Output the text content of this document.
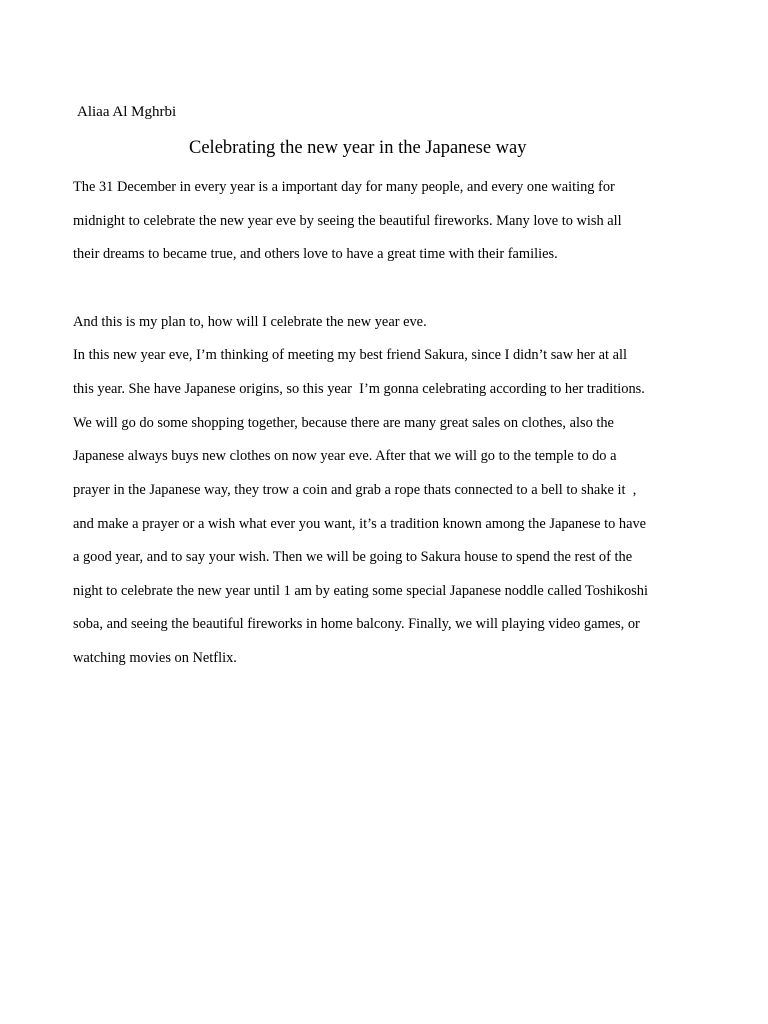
Aliaa Al Mghrbi
Celebrating the new year in the Japanese way
The 31 December in every year is a important day for many people, and every one waiting for
midnight to celebrate the new year eve by seeing the beautiful fireworks. Many love to wish all
their dreams to became true, and others love to have a great time with their families.
And this is my plan to, how will I celebrate the new year eve.
In this new year eve, I’m thinking of meeting my best friend Sakura, since I didn’t saw her at all
this year. She have Japanese origins, so this year  I’m gonna celebrating according to her traditions.
We will go do some shopping together, because there are many great sales on clothes, also the
Japanese always buys new clothes on now year eve. After that we will go to the temple to do a
prayer in the Japanese way, they trow a coin and grab a rope thats connected to a bell to shake it  ,
and make a prayer or a wish what ever you want, it’s a tradition known among the Japanese to have
a good year, and to say your wish. Then we will be going to Sakura house to spend the rest of the
night to celebrate the new year until 1 am by eating some special Japanese noddle called Toshikoshi
soba, and seeing the beautiful fireworks in home balcony. Finally, we will playing video games, or
watching movies on Netflix.
